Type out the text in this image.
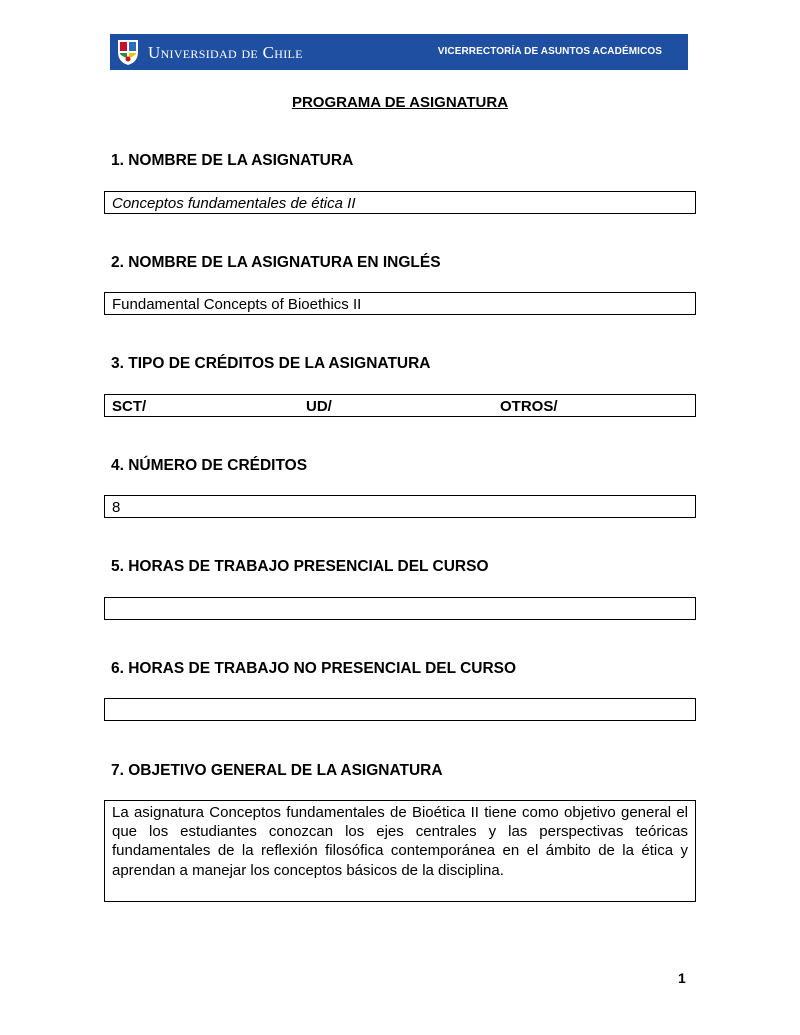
Universidad de Chile	VICERRECTORÍA DE ASUNTOS ACADÉMICOS
PROGRAMA DE ASIGNATURA
1. NOMBRE DE LA ASIGNATURA
Conceptos fundamentales de ética II
2. NOMBRE DE LA ASIGNATURA EN INGLÉS
Fundamental Concepts of Bioethics II
3. TIPO DE CRÉDITOS DE LA ASIGNATURA
SCT/	UD/	OTROS/
4. NÚMERO DE CRÉDITOS
8
5. HORAS DE TRABAJO PRESENCIAL DEL CURSO
6. HORAS DE TRABAJO NO PRESENCIAL DEL CURSO
7. OBJETIVO GENERAL DE LA ASIGNATURA
La asignatura Conceptos fundamentales de Bioética II tiene como objetivo general el que los estudiantes conozcan los ejes centrales y las perspectivas teóricas fundamentales de la reflexión filosófica contemporánea en el ámbito de la ética y aprendan a manejar los conceptos básicos de la disciplina.
1
